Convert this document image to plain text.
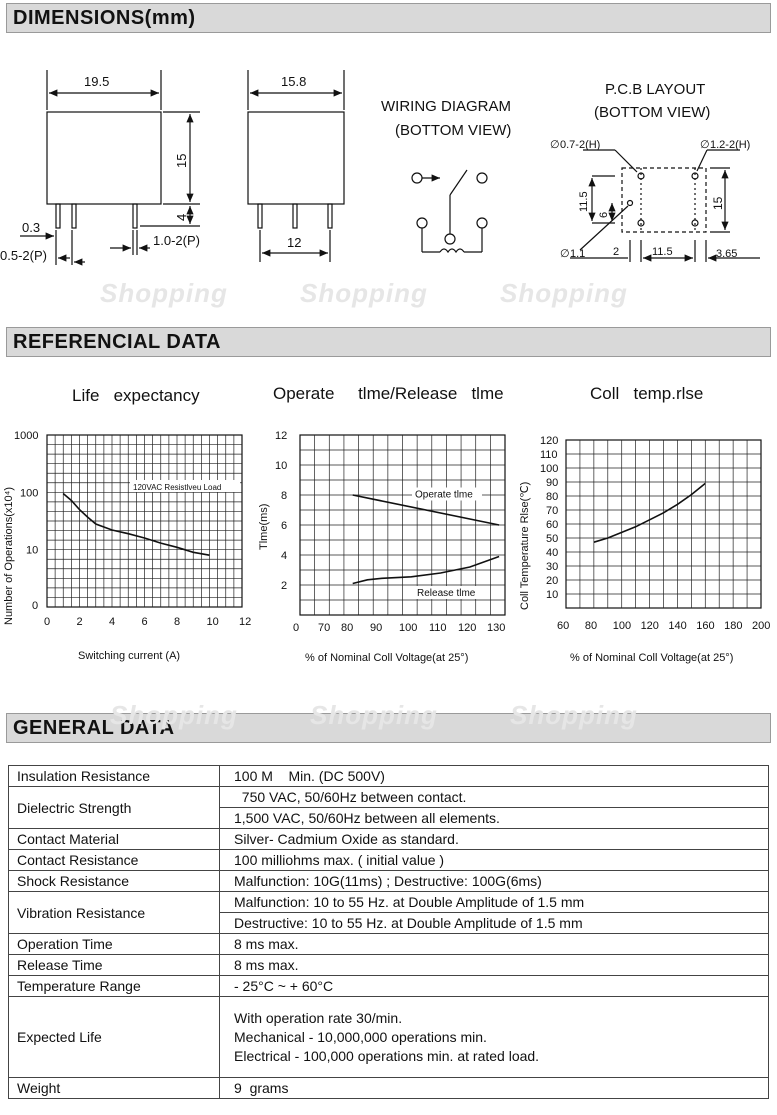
DIMENSIONS(mm)
REFERENCIAL DATA
GENERAL DATA
Shopping	Shopping	Shopping
Shopping	Shopping	Shopping
19.5
15
4
0.3
0.5-2(P)
1.0-2(P)
15.8
12
WIRING DIAGRAM
(BOTTOM VIEW)
P.C.B LAYOUT
(BOTTOM VIEW)
∅ 0.7-2(H)	∅ 1.2-2(H)
∅ 1.1
11.5
6
15
2	11.5	3.65
Life expectancy	Operate tlme/Release tlme	Coll temp.rlse
0 2 4 6 8 10 12
1000
100
10
0
120VAC Resistlveu Load
Switching current (A)
Number of Operations(x10⁴)
0 70 80 90 100 110 120 130
2
4
6
8
10
12
% of Nominal Coll Voltage(at 25°)
Tlme(ms)
Operate tlme
Release tlme
60 80 100 120 140 160 180 200
10
20
30
40
50
60
70
80
90
100
110
120
% of Nominal Coll Voltage(at 25°)
Coll Temperature Rlse(℃)
Insulation Resistance	100 M    Min. (DC 500V)
Dielectric Strength	750 VAC, 50/60Hz between contact.
	1,500 VAC, 50/60Hz between all elements.
Contact Material	Silver- Cadmium Oxide as standard.
Contact Resistance	100 milliohms max. ( initial value )
Shock Resistance	Malfunction: 10G(11ms) ; Destructive: 100G(6ms)
Vibration Resistance	Malfunction: 10 to 55 Hz. at Double Amplitude of 1.5 mm
	Destructive: 10 to 55 Hz. at Double Amplitude of 1.5 mm
Operation Time	8 ms max.
Release Time	8 ms max.
Temperature Range	- 25°C ~ + 60°C
Expected Life	With operation rate 30/min.
Mechanical - 10,000,000 operations min.
Electrical - 100,000 operations min. at rated load.
Weight	9  grams
